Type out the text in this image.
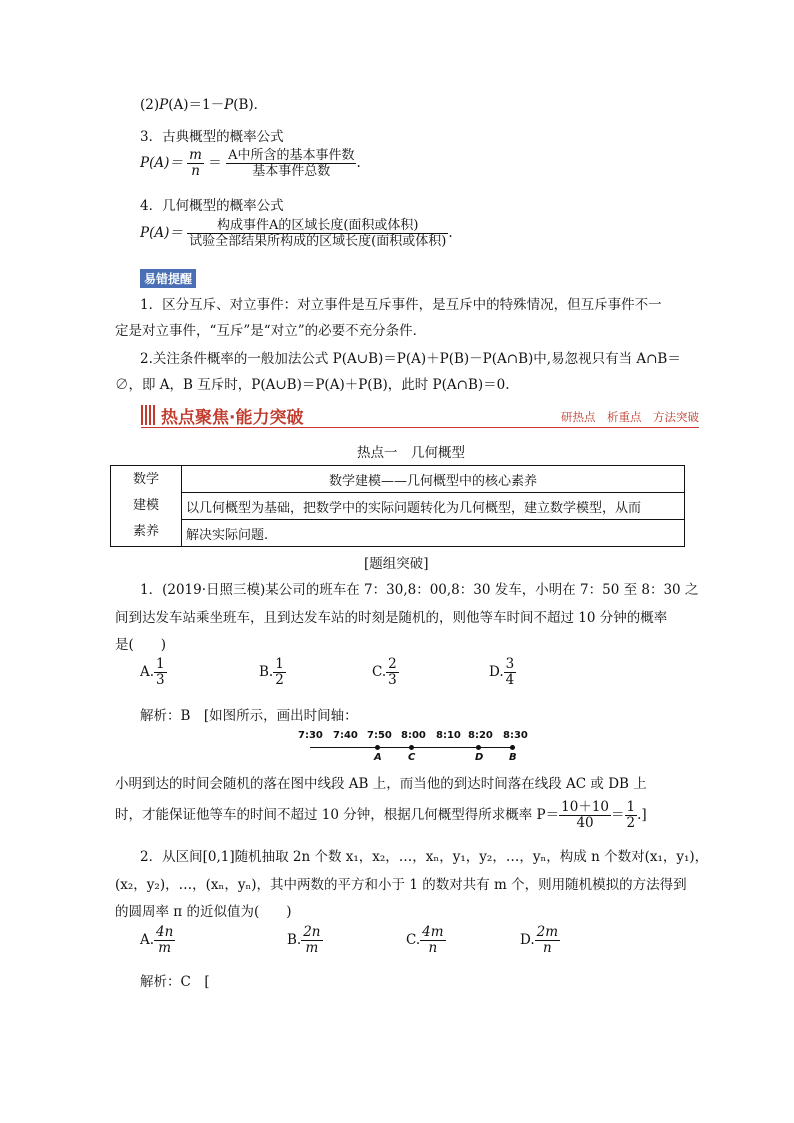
(2)P(A)＝1－P(B)．
3．古典概型的概率公式
$P(A)= \frac{m}{n} = \frac{\text{A中所含的基本事件数}}{\text{基本事件总数}}$ .
4．几何概型的概率公式
$P(A)= \frac{\text{构成事件A的区域长度(面积或体积)}}{\text{试验全部结果所构成的区域长度(面积或体积)}}$ .
易错提醒
1．区分互斥、对立事件：对立事件是互斥事件，是互斥中的特殊情况，但互斥事件不一
定是对立事件，“互斥”是“对立”的必要不充分条件．
2.关注条件概率的一般加法公式 P(A∪B)＝P(A)＋P(B)－P(A∩B)中,易忽视只有当 A∩B＝
∅，即 A，B 互斥时，P(A∪B)＝P(A)＋P(B)，此时 P(A∩B)＝0.
热点聚焦·能力突破	研热点　析重点　方法突破
热点一　几何概型
数学
建模
素养
	数学建模——几何概型中的核心素养
以几何概型为基础，把数学中的实际问题转化为几何概型，建立数学模型，从而
解决实际问题.
[题组突破]
1．(2019·日照三模)某公司的班车在 7：30,8：00,8：30 发车，小明在 7：50 至 8：30 之
间到达发车站乘坐班车，且到达发车站的时刻是随机的，则他等车时间不超过 10 分钟的概率
是(　　)
A. $\frac{1}{3}$	B. $\frac{1}{2}$	C. $\frac{2}{3}$	D. $\frac{3}{4}$
解析：B　[如图所示，画出时间轴：
7:30 7:40 7:50 8:00 8:10 8:20 8:30
A	C	D	B
小明到达的时间会随机的落在图中线段 AB 上，而当他的到达时间落在线段 AC 或 DB 上
时，才能保证他等车的时间不超过 10 分钟，根据几何概型得所求概率 $P= \frac{10+10}{40} = \frac{1}{2}$ .]
2．从区间[0,1]随机抽取 2n 个数 x₁，x₂，…，xₙ，y₁，y₂，…，yₙ，构成 n 个数对(x₁，y₁)，
(x₂，y₂)，…，(xₙ，yₙ)，其中两数的平方和小于 1 的数对共有 m 个，则用随机模拟的方法得到
的圆周率 π 的近似值为(　　)
A. $\frac{4n}{m}$	B. $\frac{2n}{m}$	C. $\frac{4m}{n}$	D. $\frac{2m}{n}$
解析：C　[
